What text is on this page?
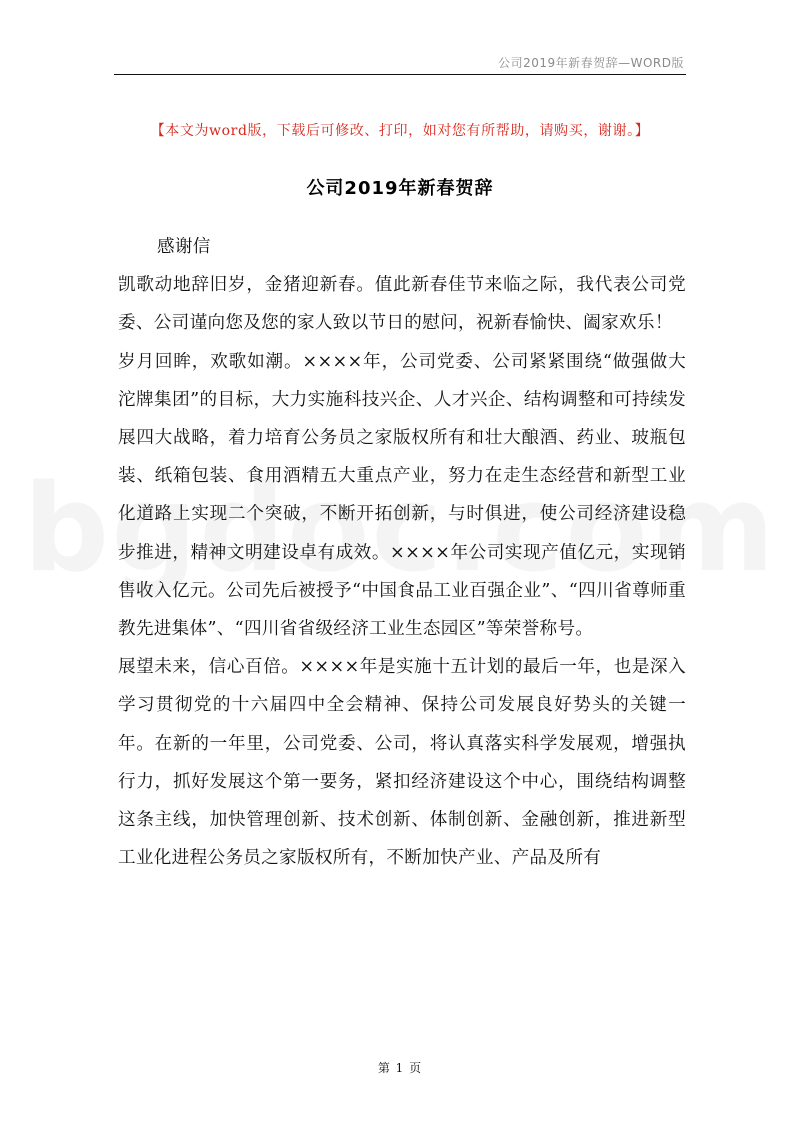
公司2019年新春贺辞—WORD版
【本文为word版，下载后可修改、打印，如对您有所帮助，请购买，谢谢。】
公司2019年新春贺辞

感谢信

凯歌动地辞旧岁，金猪迎新春。值此新春佳节来临之际，我代表公司党委、公司谨向您及您的家人致以节日的慰问，祝新春愉快、阖家欢乐！

岁月回眸，欢歌如潮。××××年，公司党委、公司紧紧围绕“做强做大沱牌集团”的目标，大力实施科技兴企、人才兴企、结构调整和可持续发展四大战略，着力培育公务员之家版权所有和壮大酿酒、药业、玻瓶包装、纸箱包装、食用酒精五大重点产业，努力在走生态经营和新型工业化道路上实现二个突破，不断开拓创新，与时俱进，使公司经济建设稳步推进，精神文明建设卓有成效。××××年公司实现产值亿元，实现销售收入亿元。公司先后被授予“中国食品工业百强企业”、“四川省尊师重教先进集体”、“四川省省级经济工业生态园区”等荣誉称号。

展望未来，信心百倍。××××年是实施十五计划的最后一年，也是深入学习贯彻党的十六届四中全会精神、保持公司发展良好势头的关键一年。在新的一年里，公司党委、公司，将认真落实科学发展观，增强执行力，抓好发展这个第一要务，紧扣经济建设这个中心，围绕结构调整这条主线，加快管理创新、技术创新、体制创新、金融创新，推进新型工业化进程公务员之家版权所有，不断加快产业、产品及所有

第 1 页
